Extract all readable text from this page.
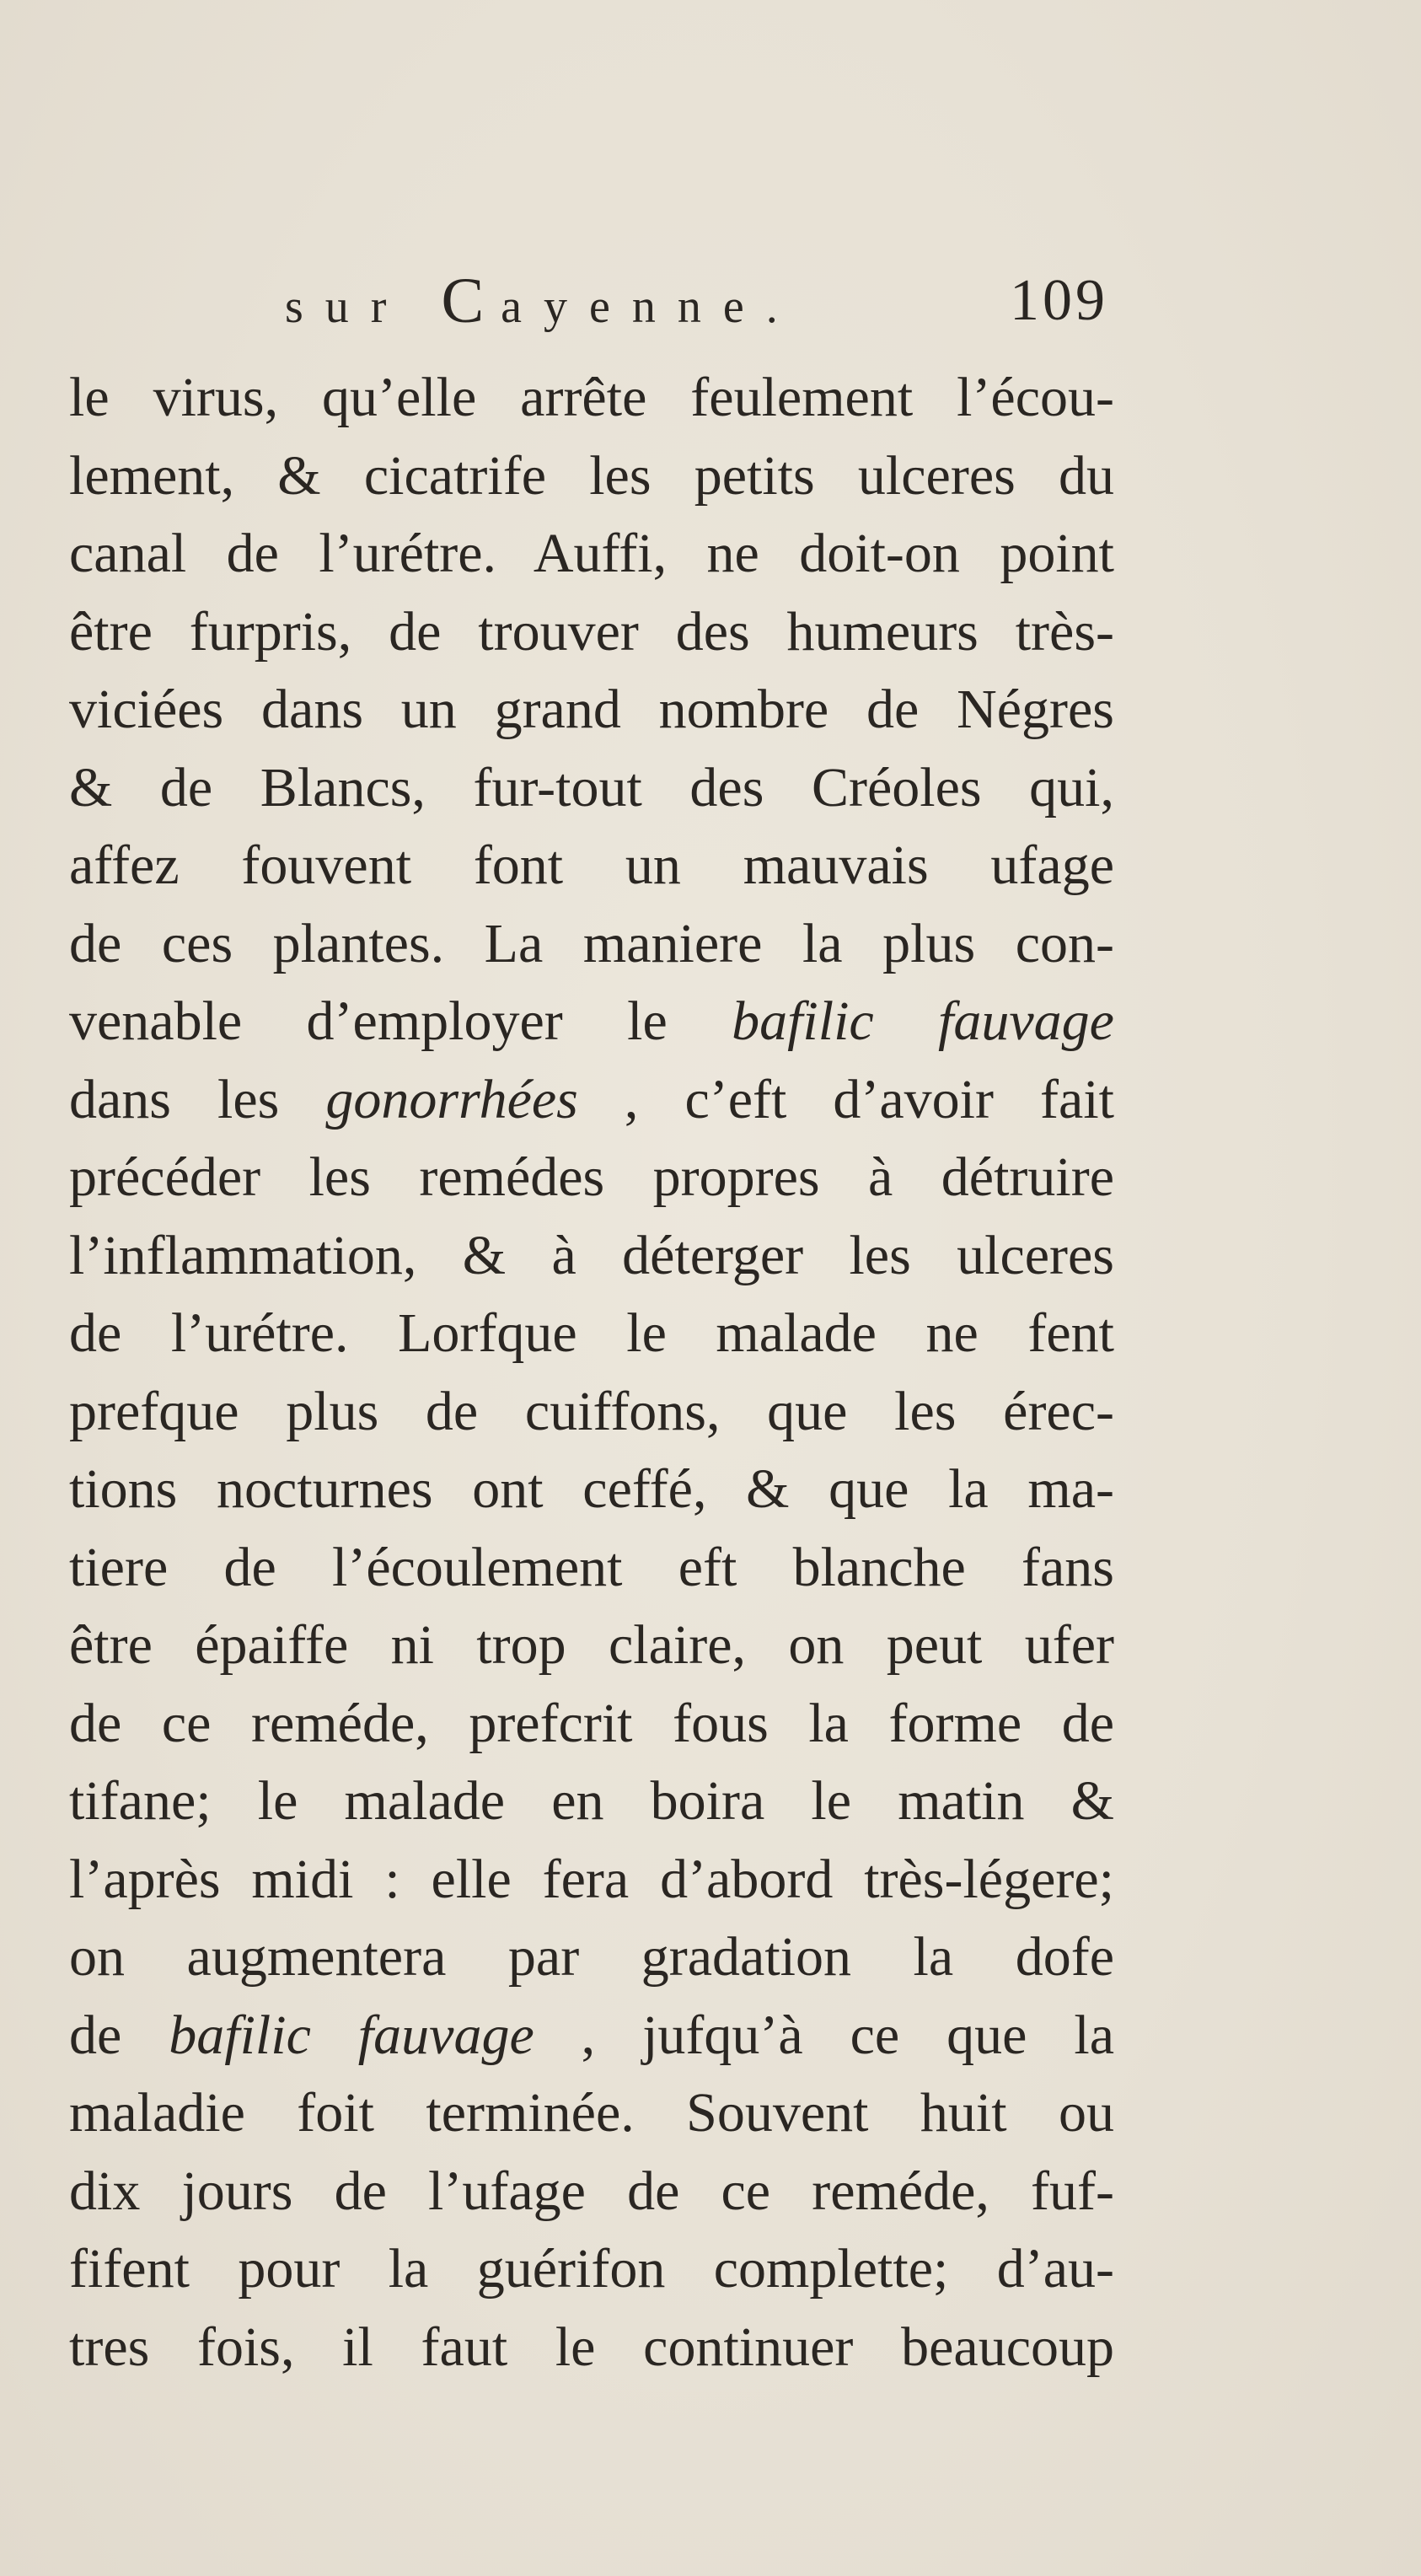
sur Cayenne.	109
le virus, qu’elle arrête feulement l’écou-
lement, & cicatrife les petits ulceres du
canal de l’urétre. Auffi, ne doit-on point
être furpris, de trouver des humeurs très-
viciées dans un grand nombre de Négres
& de Blancs, fur-tout des Créoles qui,
affez fouvent font un mauvais ufage
de ces plantes. La maniere la plus con-
venable d’employer le bafilic fauvage
dans les gonorrhées , c’eft d’avoir fait
précéder les remédes propres à détruire
l’inflammation, & à déterger les ulceres
de l’urétre. Lorfque le malade ne fent
prefque plus de cuiffons, que les érec-
tions nocturnes ont ceffé, & que la ma-
tiere de l’écoulement eft blanche fans
être épaiffe ni trop claire, on peut ufer
de ce reméde, prefcrit fous la forme de
tifane; le malade en boira le matin &
l’après midi : elle fera d’abord très-légere;
on augmentera par gradation la dofe
de bafilic fauvage , jufqu’à ce que la
maladie foit terminée. Souvent huit ou
dix jours de l’ufage de ce reméde, fuf-
fifent pour la guérifon complette; d’au-
tres fois, il faut le continuer beaucoup
